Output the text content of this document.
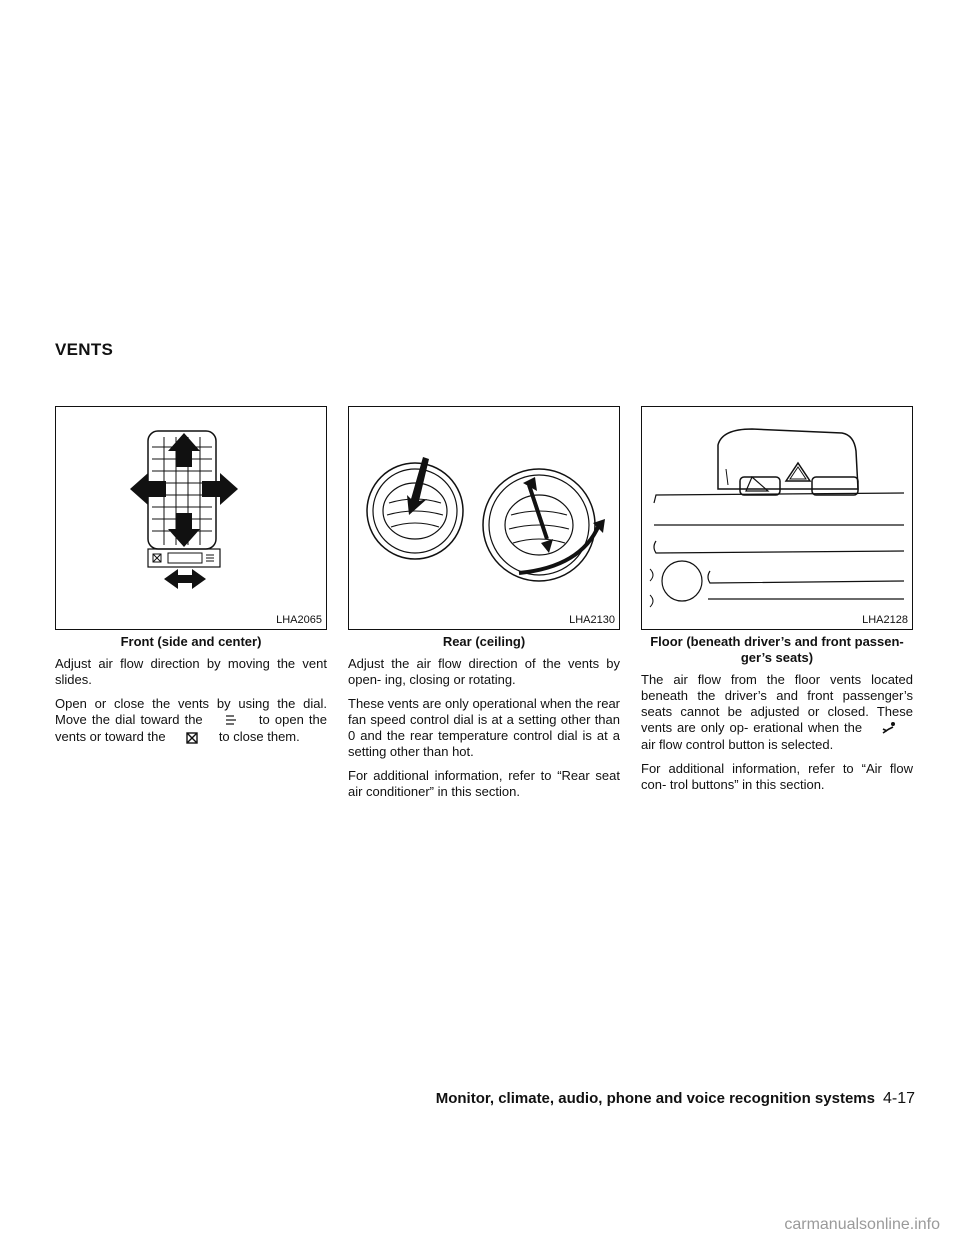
VENTS
LHA2065
Front (side and center)

Adjust air flow direction by moving the vent slides.

Open or close the vents by using the dial. Move the dial toward the	to open the vents or toward the	to close them.

LHA2130
Rear (ceiling)

Adjust the air flow direction of the vents by open- ing, closing or rotating.

These vents are only operational when the rear fan speed control dial is at a setting other than 0 and the rear temperature control dial is at a setting other than hot.

For additional information, refer to “Rear seat air conditioner” in this section.

LHA2128
Floor (beneath driver’s and front passen- ger’s seats)

The air flow from the floor vents located beneath the driver’s and front passenger’s seats cannot be adjusted or closed. These vents are only op- erational when the  air flow control button is selected.

For additional information, refer to “Air flow con- trol buttons” in this section.

Monitor, climate, audio, phone and voice recognition systems 4-17
carmanualsonline.info
